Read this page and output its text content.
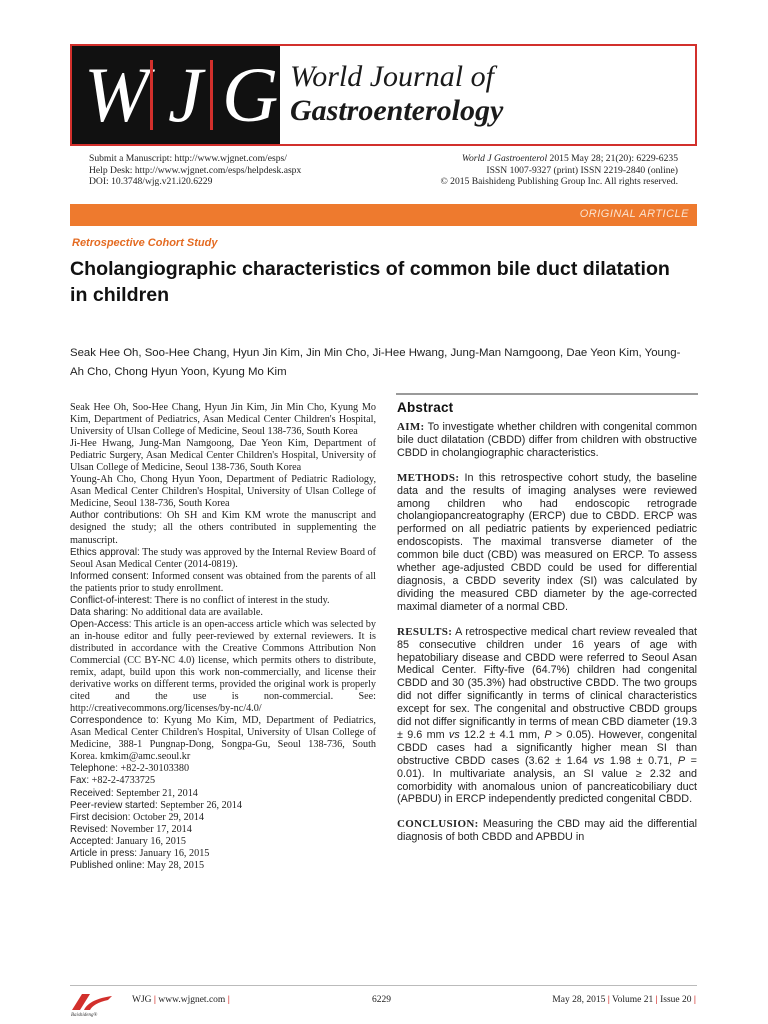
W J G World Journal of
Gastroenterology
Submit a Manuscript: http://www.wjgnet.com/esps/
Help Desk: http://www.wjgnet.com/esps/helpdesk.aspx
DOI: 10.3748/wjg.v21.i20.6229
World J Gastroenterol 2015 May 28; 21(20): 6229-6235
ISSN 1007-9327 (print) ISSN 2219-2840 (online)
© 2015 Baishideng Publishing Group Inc. All rights reserved.
ORIGINAL ARTICLE
Retrospective Cohort Study
Cholangiographic characteristics of common bile duct dilatation in children
Seak Hee Oh, Soo-Hee Chang, Hyun Jin Kim, Jin Min Cho, Ji-Hee Hwang, Jung-Man Namgoong, Dae Yeon Kim, Young-Ah Cho, Chong Hyun Yoon, Kyung Mo Kim

Seak Hee Oh, Soo-Hee Chang, Hyun Jin Kim, Jin Min Cho, Kyung Mo Kim, Department of Pediatrics, Asan Medical Center Children's Hospital, University of Ulsan College of Medicine, Seoul 138-736, South Korea

Ji-Hee Hwang, Jung-Man Namgoong, Dae Yeon Kim, Department of Pediatric Surgery, Asan Medical Center Children's Hospital, University of Ulsan College of Medicine, Seoul 138-736, South Korea

Young-Ah Cho, Chong Hyun Yoon, Department of Pediatric Radiology, Asan Medical Center Children's Hospital, University of Ulsan College of Medicine, Seoul 138-736, South Korea

Author contributions: Oh SH and Kim KM wrote the manuscript and designed the study; all the others contributed in supplementing the manuscript.

Ethics approval: The study was approved by the Internal Review Board of Seoul Asan Medical Center (2014-0819).

Informed consent: Informed consent was obtained from the parents of all the patients prior to study enrollment.

Conflict-of-interest: There is no conflict of interest in the study.

Data sharing: No additional data are available.

Open-Access: This article is an open-access article which was selected by an in-house editor and fully peer-reviewed by external reviewers. It is distributed in accordance with the Creative Commons Attribution Non Commercial (CC BY-NC 4.0) license, which permits others to distribute, remix, adapt, build upon this work non-commercially, and license their derivative works on different terms, provided the original work is properly cited and the use is non-commercial. See: http://creativecommons.org/licenses/by-nc/4.0/

Correspondence to: Kyung Mo Kim, MD, Department of Pediatrics, Asan Medical Center Children's Hospital, University of Ulsan College of Medicine, 388-1 Pungnap-Dong, Songpa-Gu, Seoul 138-736, South Korea. kmkim@amc.seoul.kr

Telephone: +82-2-30103380

Fax: +82-2-4733725

Received: September 21, 2014

Peer-review started: September 26, 2014

First decision: October 29, 2014

Revised: November 17, 2014

Accepted: January 16, 2015

Article in press: January 16, 2015

Published online: May 28, 2015

Abstract
AIM: To investigate whether children with congenital common bile duct dilatation (CBDD) differ from children with obstructive CBDD in cholangiographic characteristics.
METHODS: In this retrospective cohort study, the baseline data and the results of imaging analyses were reviewed among children who had endoscopic retrograde cholangiopancreatography (ERCP) due to CBDD. ERCP was performed on all pediatric patients by experienced pediatric endoscopists. The maximal transverse diameter of the common bile duct (CBD) was measured on ERCP. To assess whether age-adjusted CBDD could be used for differential diagnosis, a CBDD severity index (SI) was calculated by dividing the measured CBD diameter by the age-corrected maximal diameter of a normal CBD.
RESULTS: A retrospective medical chart review revealed that 85 consecutive children under 16 years of age with hepatobiliary disease and CBDD were referred to Seoul Asan Medical Center. Fifty-five (64.7%) children had congenital CBDD and 30 (35.3%) had obstructive CBDD. The two groups did not differ significantly in terms of clinical characteristics except for sex. The congenital and obstructive CBDD groups did not differ significantly in terms of mean CBD diameter (19.3 ± 9.6 mm vs 12.2 ± 4.1 mm, P > 0.05). However, congenital CBDD cases had a significantly higher mean SI than obstructive CBDD cases (3.62 ± 1.64 vs 1.98 ± 0.71, P = 0.01). In multivariate analysis, an SI value ≥ 2.32 and comorbidity with anomalous union of pancreaticobiliary duct (APBDU) in ERCP independently predicted congenital CBDD.
CONCLUSION: Measuring the CBD may aid the differential diagnosis of both CBDD and APBDU in
Baishideng®
WJG | www.wjgnet.com |	6229	May 28, 2015 | Volume 21 | Issue 20 |
